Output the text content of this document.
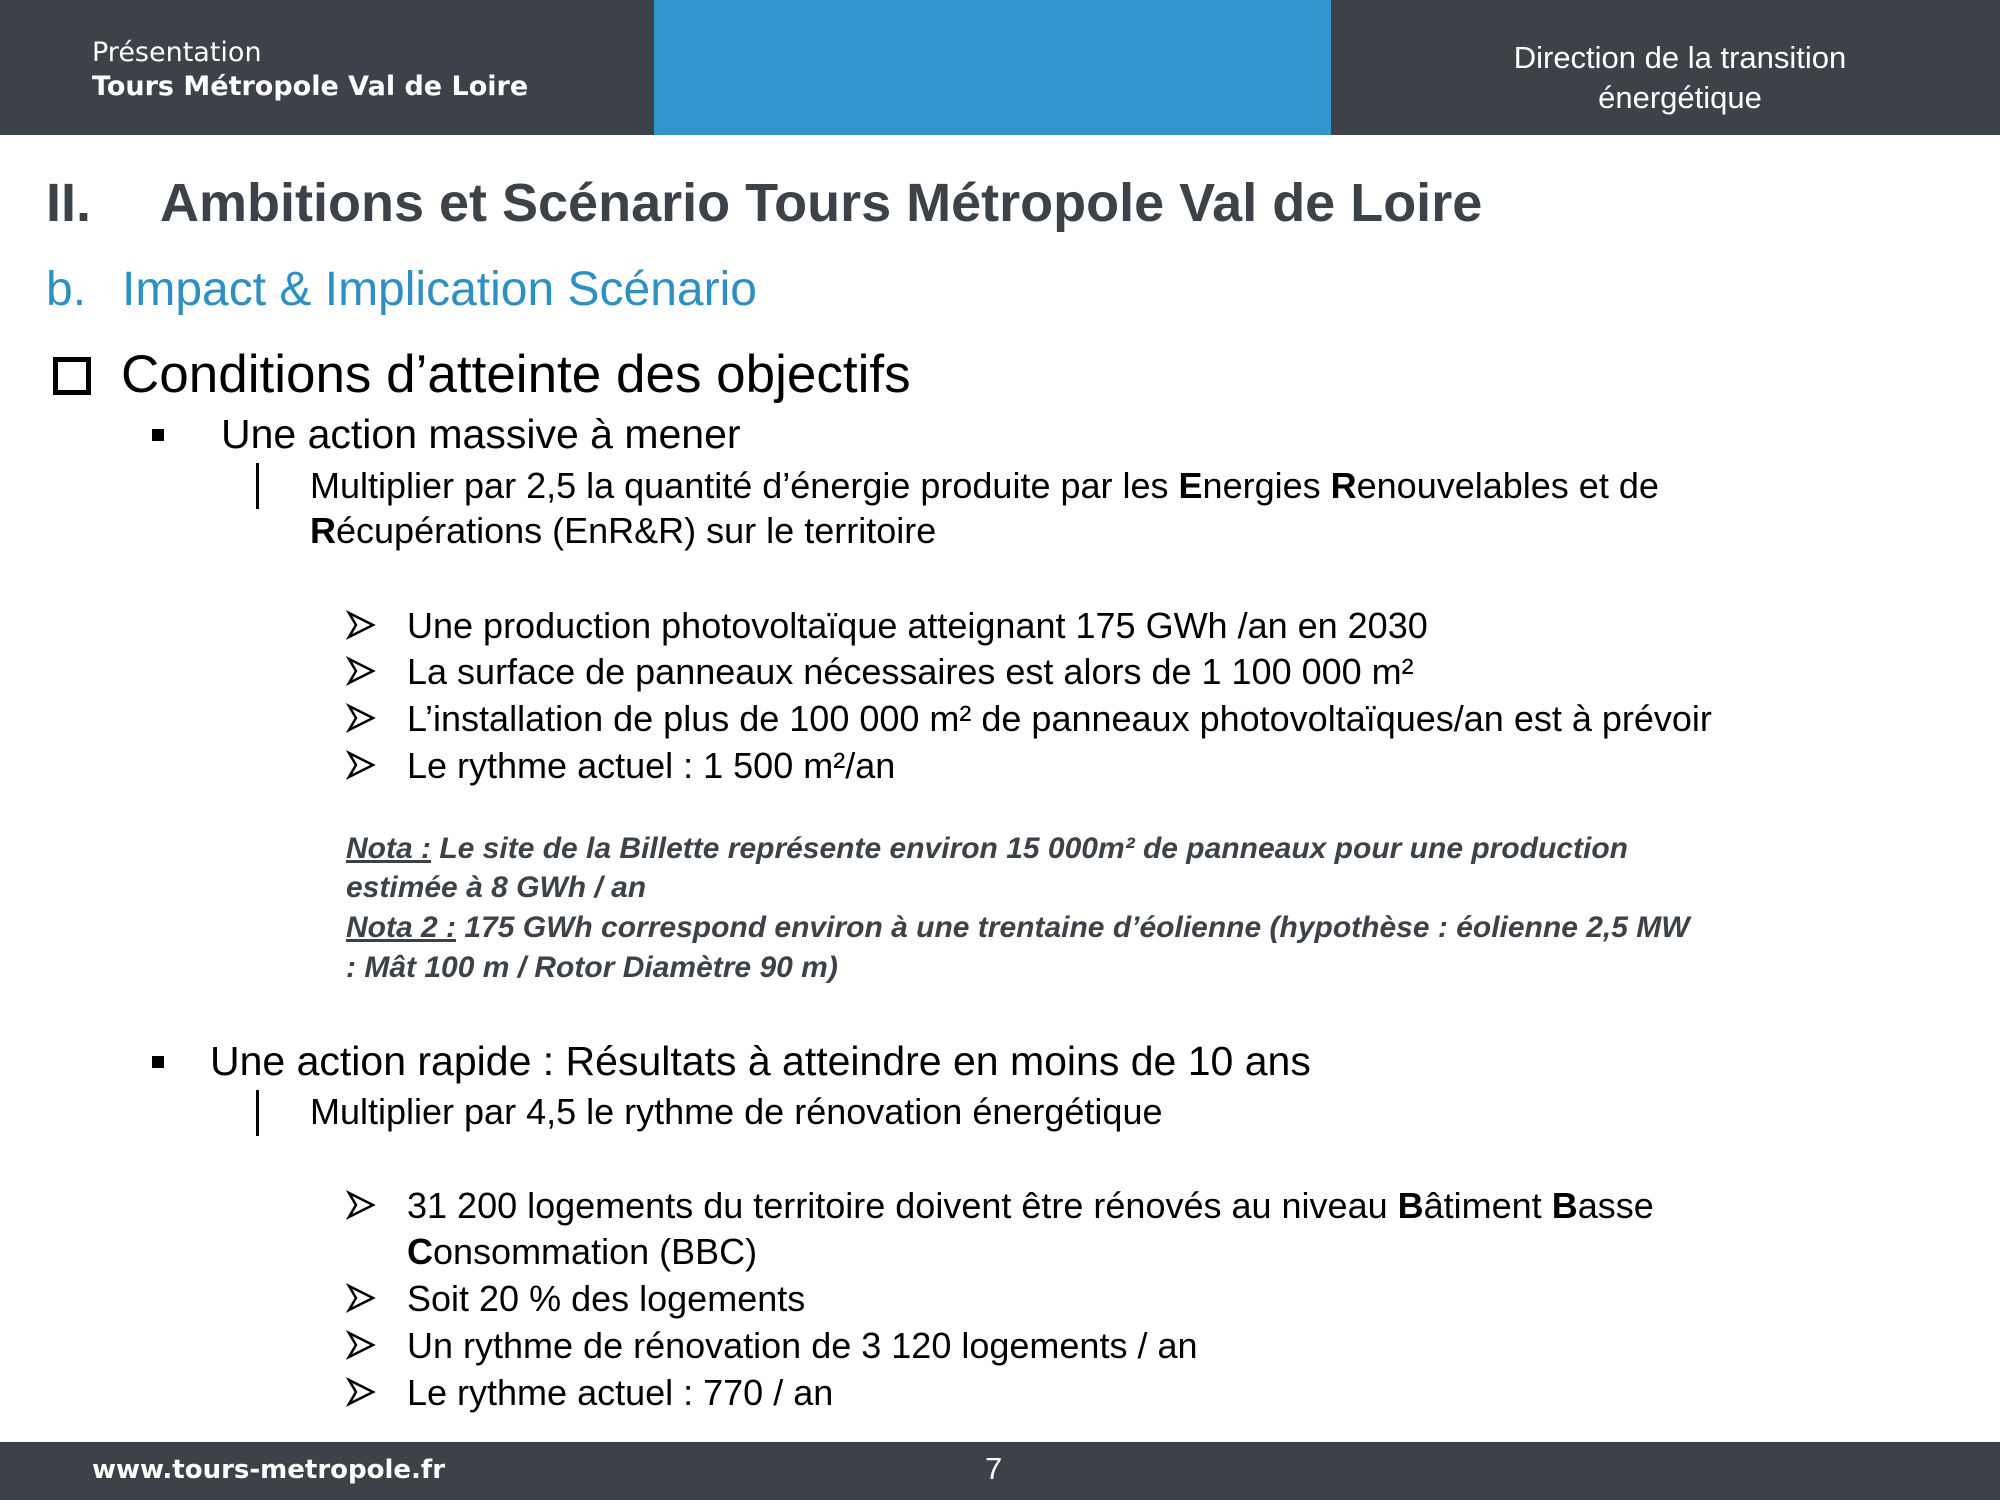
Présentation
Tours Métropole Val de Loire
Direction de la transition
énergétique
II. Ambitions et Scénario Tours Métropole Val de Loire
b. Impact & Implication Scénario
Conditions d’atteinte des objectifs
Une action massive à mener
Multiplier par 2,5 la quantité d’énergie produite par les Energies Renouvelables et de
Récupérations (EnR&R) sur le territoire
Une production photovoltaïque atteignant 175 GWh /an en 2030
La surface de panneaux nécessaires est alors de 1 100 000 m²
L’installation de plus de 100 000 m² de panneaux photovoltaïques/an est à prévoir
Le rythme actuel : 1 500 m²/an
Nota : Le site de la Billette représente environ 15 000m² de panneaux pour une production
estimée à 8 GWh / an
Nota 2 : 175 GWh correspond environ à une trentaine d’éolienne (hypothèse : éolienne 2,5 MW
: Mât 100 m / Rotor Diamètre 90 m)
Une action rapide : Résultats à atteindre en moins de 10 ans
Multiplier par 4,5 le rythme de rénovation énergétique
31 200 logements du territoire doivent être rénovés au niveau Bâtiment Basse
Consommation (BBC)
Soit 20 % des logements
Un rythme de rénovation de 3 120 logements / an
Le rythme actuel : 770 / an
www.tours-metropole.fr	7
